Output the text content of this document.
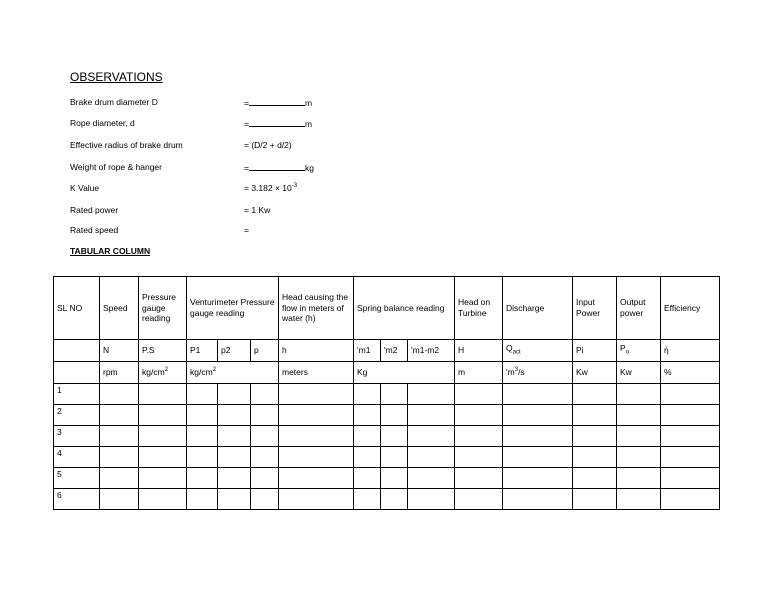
OBSERVATIONS
Brake drum diameter D	=	m
Rope diameter, d	=	m
Effective radius of brake drum	= (D/2 + d/2)
Weight of rope & hanger	=	kg
K Value	= $3.182 \times 10^{-3}$
Rated power	= 1 Kw
Rated speed	=
TABULAR COLUMN
SL NO	Speed	Pressure gauge reading	Venturimeter Pressure gauge reading			Head causing the flow in meters of water (h)	Spring balance reading			Head on Turbine	Discharge	Input Power	Output power	Efficiency
	N	P.S	P1	p2	p	h	'm1	'm2	'm1-m2	H	$Q_{act}$	Pi	$P_o$	ή
	rpm	$kg/cm^2$	$kg/cm^2$			meters	Kg			m	'$m^3/s$	Kw	Kw	%
1														
2														
3														
4														
5														
6														
